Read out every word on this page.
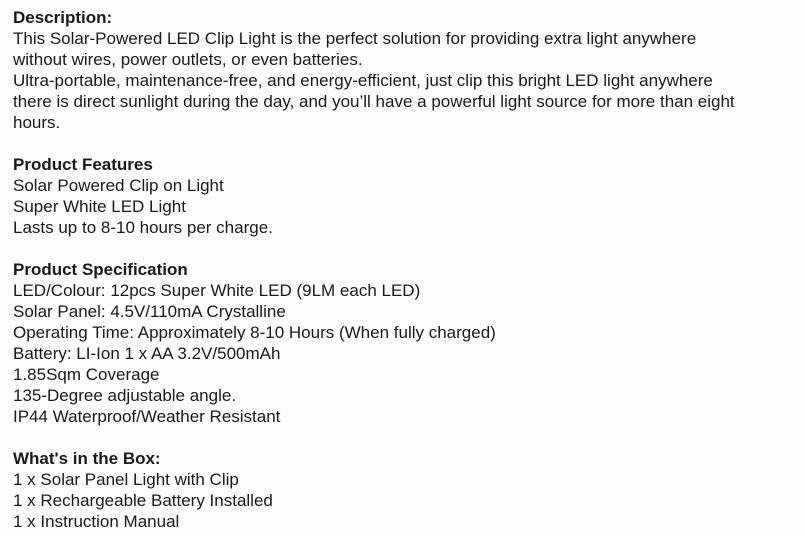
Description:
This Solar-Powered LED Clip Light is the perfect solution for providing extra light anywhere
without wires, power outlets, or even batteries.
Ultra-portable, maintenance-free, and energy-efficient, just clip this bright LED light anywhere
there is direct sunlight during the day, and you’ll have a powerful light source for more than eight
hours.
Product Features
Solar Powered Clip on Light
Super White LED Light
Lasts up to 8-10 hours per charge.
Product Specification
LED/Colour: 12pcs Super White LED (9LM each LED)
Solar Panel: 4.5V/110mA Crystalline
Operating Time: Approximately 8-10 Hours (When fully charged)
Battery: LI-Ion 1 x AA 3.2V/500mAh
1.85Sqm Coverage
135-Degree adjustable angle.
IP44 Waterproof/Weather Resistant
What's in the Box:
1 x Solar Panel Light with Clip
1 x Rechargeable Battery Installed
1 x Instruction Manual
